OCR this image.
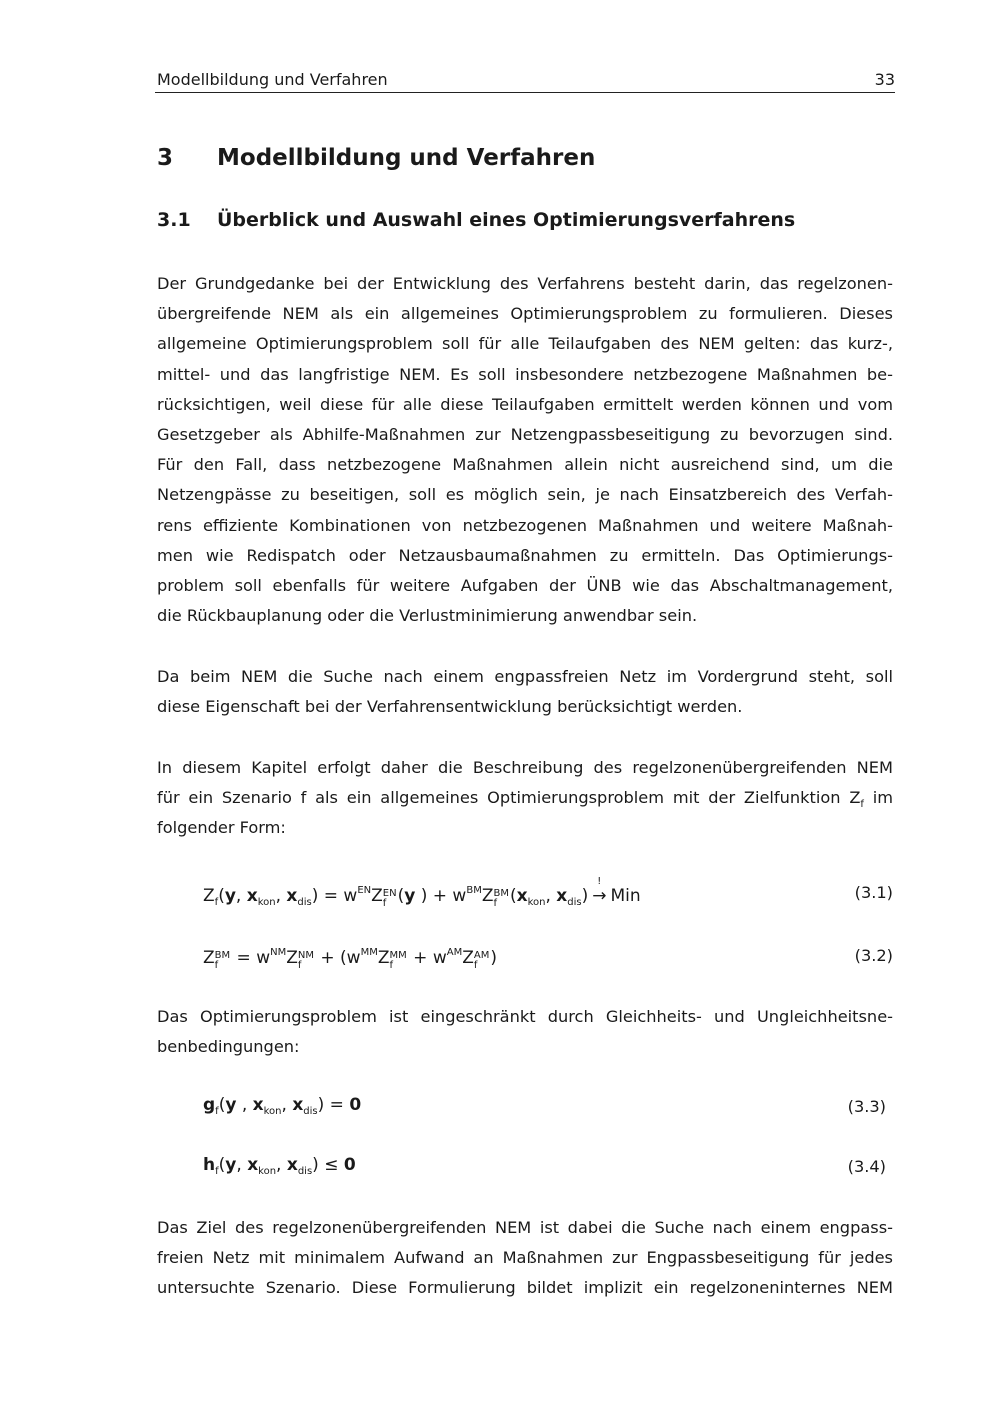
Modellbildung und Verfahren	33
3 Modellbildung und Verfahren
3.1 Überblick und Auswahl eines Optimierungsverfahrens
Der Grundgedanke bei der Entwicklung des Verfahrens besteht darin, das regelzonen-
übergreifende NEM als ein allgemeines Optimierungsproblem zu formulieren. Dieses
allgemeine Optimierungsproblem soll für alle Teilaufgaben des NEM gelten: das kurz-,
mittel- und das langfristige NEM. Es soll insbesondere netzbezogene Maßnahmen be-
rücksichtigen, weil diese für alle diese Teilaufgaben ermittelt werden können und vom
Gesetzgeber als Abhilfe-Maßnahmen zur Netzengpassbeseitigung zu bevorzugen sind.
Für den Fall, dass netzbezogene Maßnahmen allein nicht ausreichend sind, um die
Netzengpässe zu beseitigen, soll es möglich sein, je nach Einsatzbereich des Verfah-
rens effiziente Kombinationen von netzbezogenen Maßnahmen und weitere Maßnah-
men wie Redispatch oder Netzausbaumaßnahmen zu ermitteln. Das Optimierungs-
problem soll ebenfalls für weitere Aufgaben der ÜNB wie das Abschaltmanagement,
die Rückbauplanung oder die Verlustminimierung anwendbar sein.
Da beim NEM die Suche nach einem engpassfreien Netz im Vordergrund steht, soll
diese Eigenschaft bei der Verfahrensentwicklung berücksichtigt werden.
In diesem Kapitel erfolgt daher die Beschreibung des regelzonenübergreifenden NEM
für ein Szenario f als ein allgemeines Optimierungsproblem mit der Zielfunktion $Z_f$ im
folgender Form:
$Z_f(y$, $x_{kon}$, $x_{dis}) = w^{EN}Z$ EN
f (y ) + $w^{BM}Z$ BM
f ($x_{kon}$, $x_{dis}$)
!
→ Min	(3.1)
Z BM
$f = w^{NM}Z$ NM
$f + (w^{MM}Z$ MM
$f + w^{AM}Z$ AM
f )	(3.2)
Das Optimierungsproblem ist eingeschränkt durch Gleichheits- und Ungleichheitsne-
benbedingungen:
$g_f(y$ , $x_{kon}$, $x_{dis}) = 0$	(3.3)
$h_f(y$, $x_{kon}$, $x_{dis}) \le 0$	(3.4)
Das Ziel des regelzonenübergreifenden NEM ist dabei die Suche nach einem engpass-
freien Netz mit minimalem Aufwand an Maßnahmen zur Engpassbeseitigung für jedes
untersuchte Szenario. Diese Formulierung bildet implizit ein regelzoneninternes NEM
